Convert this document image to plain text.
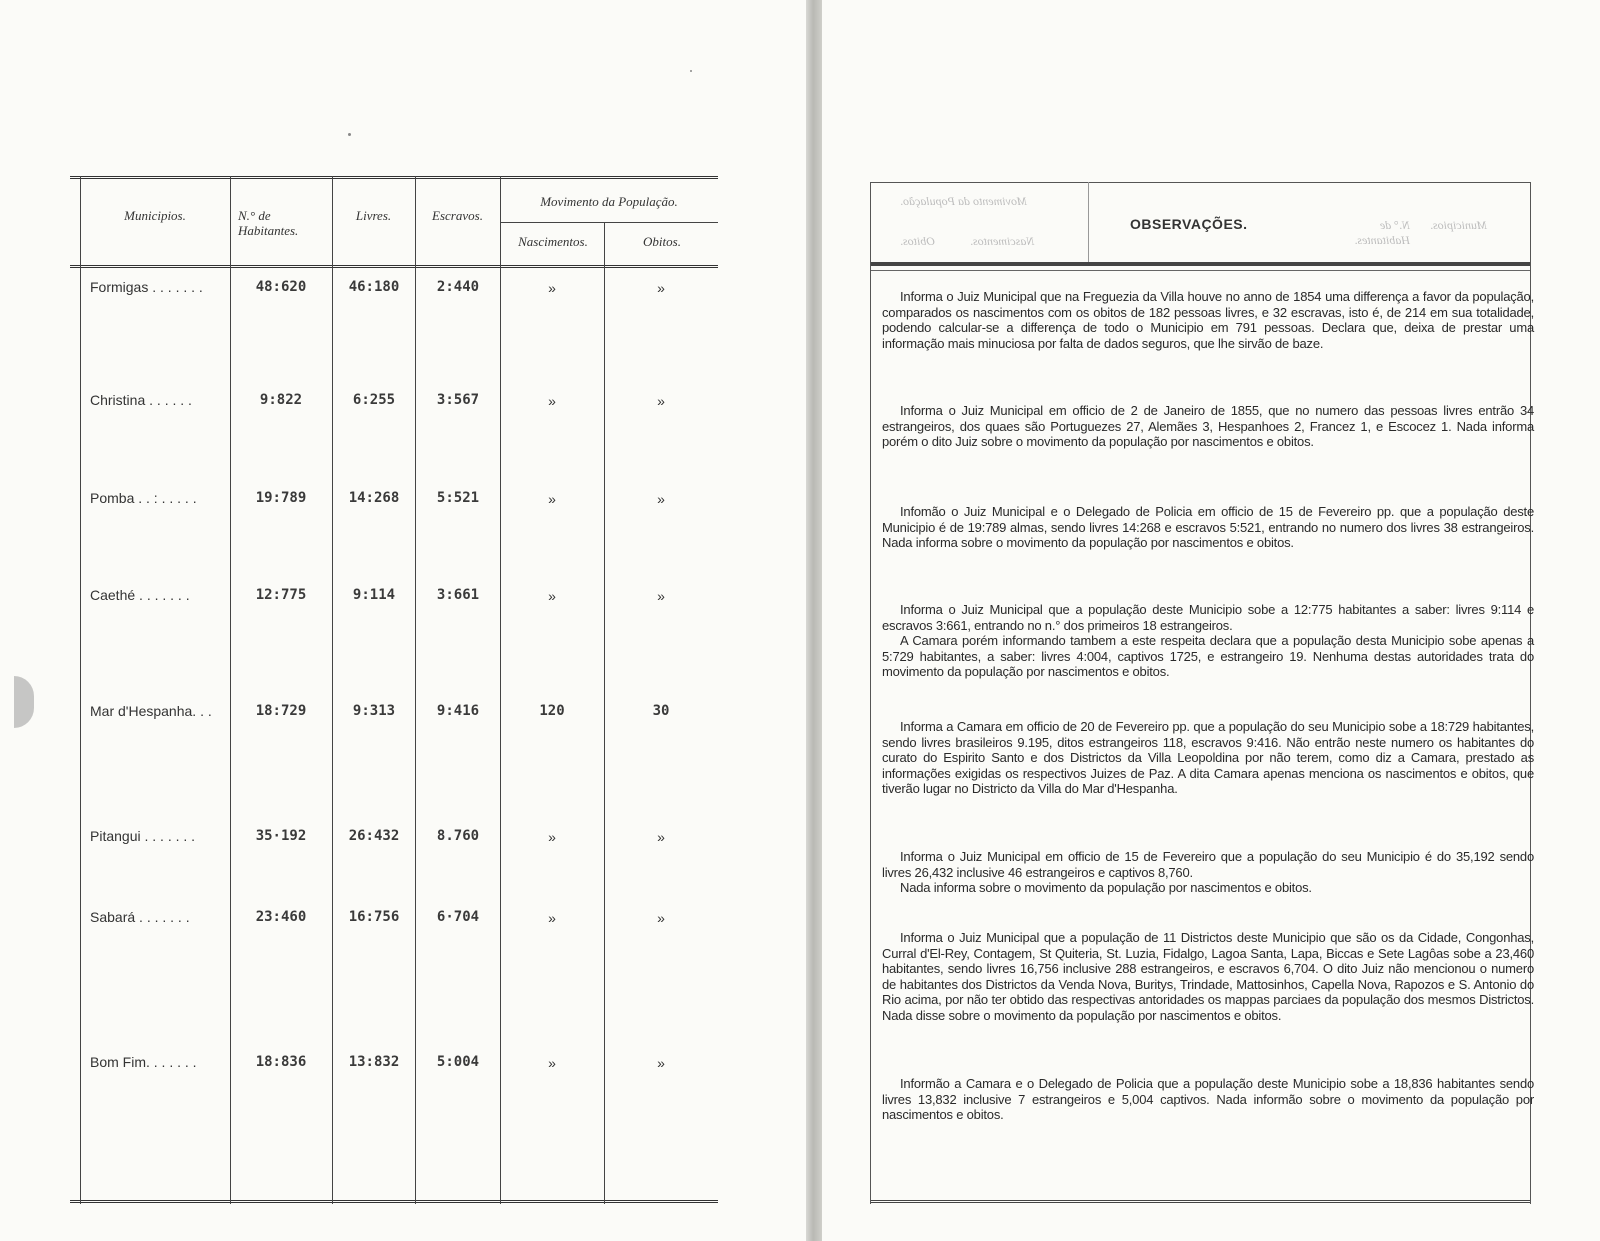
Municipios.	N.° de Habitantes.
Livres.	Escravos.
Movimento da População.
Nascimentos.	Obitos.
Formigas . . . . . . .	48:620	46:180	2:440	»	»
Christina . . . . . .	9:822	6:255	3:567	»	»
Pomba . . : . . . . .	19:789	14:268	5:521	»	»
Caethé . . . . . . .	12:775	9:114	3:661	»	»
Mar d'Hespanha. . .	18:729	9:313	9:416	120	30
Pitangui . . . . . . .	35·192	26:432	8.760	»	»
Sabará . . . . . . .	23:460	16:756	6·704	»	»
Bom Fim. . . . . . .	18:836	13:832	5:004	»	»
Movimento da População.
Nascimentos.
Obitos.
N.° de Habitantes.
Municipios.
OBSERVAÇÕES.

Informa o Juiz Municipal que na Freguezia da Villa houve no anno de 1854 uma differença a favor da população, comparados os nascimentos com os obitos de 182 pessoas livres, e 32 escravas, isto é, de 214 em sua totalidade, podendo calcular-se a differença de todo o Municipio em 791 pessoas. Declara que, deixa de prestar uma informação mais minuciosa por falta de dados seguros, que lhe sirvão de baze.

Informa o Juiz Municipal em officio de 2 de Janeiro de 1855, que no numero das pessoas livres entrão 34 estrangeiros, dos quaes são Portuguezes 27, Alemães 3, Hespanhoes 2, Francez 1, e Escocez 1. Nada informa porém o dito Juiz sobre o movimento da população por nascimentos e obitos.

Infomão o Juiz Municipal e o Delegado de Policia em officio de 15 de Fevereiro pp. que a população deste Municipio é de 19:789 almas, sendo livres 14:268 e escravos 5:521, entrando no numero dos livres 38 estrangeiros. Nada informa sobre o movimento da população por nascimentos e obitos.

Informa o Juiz Municipal que a população deste Municipio sobe a 12:775 habitantes a saber: livres 9:114 e escravos 3:661, entrando no n.° dos primeiros 18 estrangeiros.

A Camara porém informando tambem a este respeita declara que a população desta Municipio sobe apenas a 5:729 habitantes, a saber: livres 4:004, captivos 1725, e estrangeiro 19. Nenhuma destas autoridades trata do movimento da população por nascimentos e obitos.

Informa a Camara em officio de 20 de Fevereiro pp. que a população do seu Municipio sobe a 18:729 habitantes, sendo livres brasileiros 9.195, ditos estrangeiros 118, escravos 9:416. Não entrão neste numero os habitantes do curato do Espirito Santo e dos Districtos da Villa Leopoldina por não terem, como diz a Camara, prestado as informações exigidas os respectivos Juizes de Paz. A dita Camara apenas menciona os nascimentos e obitos, que tiverão lugar no Districto da Villa do Mar d'Hespanha.

Informa o Juiz Municipal em officio de 15 de Fevereiro que a população do seu Municipio é do 35,192 sendo livres 26,432 inclusive 46 estrangeiros e captivos 8,760.

Nada informa sobre o movimento da população por nascimentos e obitos.

Informa o Juiz Municipal que a população de 11 Districtos deste Municipio que são os da Cidade, Congonhas, Curral d'El-Rey, Contagem, St Quiteria, St. Luzia, Fidalgo, Lagoa Santa, Lapa, Biccas e Sete Lagôas sobe a 23,460 habitantes, sendo livres 16,756 inclusive 288 estrangeiros, e escravos 6,704. O dito Juiz não mencionou o numero de habitantes dos Districtos da Venda Nova, Buritys, Trindade, Mattosinhos, Capella Nova, Rapozos e S. Antonio do Rio acima, por não ter obtido das respectivas antoridades os mappas parciaes da população dos mesmos Districtos. Nada disse sobre o movimento da população por nascimentos e obitos.

Informão a Camara e o Delegado de Policia que a população deste Municipio sobe a 18,836 habitantes sendo livres 13,832 inclusive 7 estrangeiros e 5,004 captivos. Nada informão sobre o movimento da população por nascimentos e obitos.
